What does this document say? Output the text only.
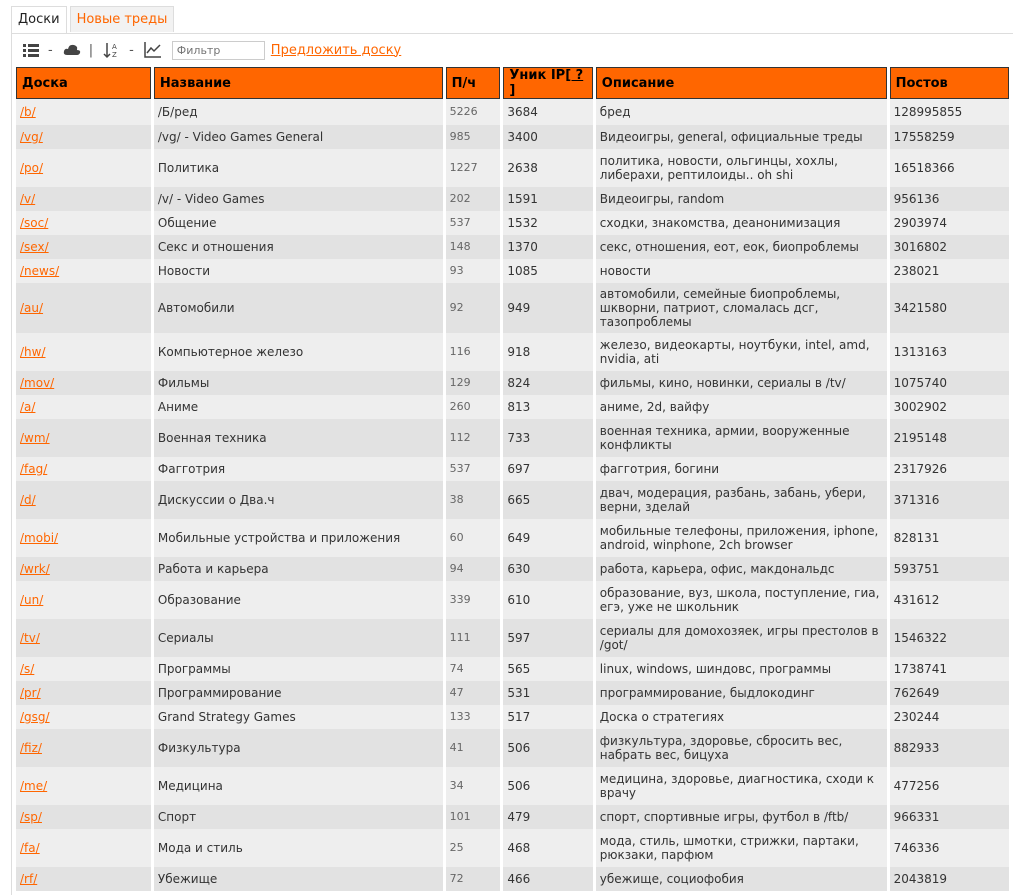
Доски	Новые треды
-	|	A
Z -
Фильтр	Предложить доску
Доска	Название	П/ч	Уник IP[ ? ]	Описание	Постов
/b/	/Б/ред	5226	3684	бред	128995855
/vg/	/vg/ - Video Games General	985	3400	Видеоигры, general, официальные треды	17558259
/po/	Политика	1227	2638	политика, новости, ольгинцы, хохлы, либерахи, рептилоиды.. oh shi	16518366
/v/	/v/ - Video Games	202	1591	Видеоигры, random	956136
/soc/	Общение	537	1532	сходки, знакомства, деанонимизация	2903974
/sex/	Секс и отношения	148	1370	секс, отношения, еот, еок, биопроблемы	3016802
/news/	Новости	93	1085	новости	238021
/au/	Автомобили	92	949	автомобили, семейные биопроблемы, шкворни, патриот, сломалась дсг, тазопроблемы	3421580
/hw/	Компьютерное железо	116	918	железо, видеокарты, ноутбуки, intel, amd, nvidia, ati	1313163
/mov/	Фильмы	129	824	фильмы, кино, новинки, сериалы в /tv/	1075740
/a/	Аниме	260	813	аниме, 2d, вайфу	3002902
/wm/	Военная техника	112	733	военная техника, армии, вооруженные конфликты	2195148
/fag/	Фагготрия	537	697	фагготрия, богини	2317926
/d/	Дискуссии о Два.ч	38	665	двач, модерация, разбань, забань, убери, верни, зделай	371316
/mobi/	Мобильные устройства и приложения	60	649	мобильные телефоны, приложения, iphone, android, winphone, 2ch browser	828131
/wrk/	Работа и карьера	94	630	работа, карьера, офис, макдональдс	593751
/un/	Образование	339	610	образование, вуз, школа, поступление, гиа, егэ, уже не школьник	431612
/tv/	Сериалы	111	597	сериалы для домохозяек, игры престолов в /got/	1546322
/s/	Программы	74	565	linux, windows, шиндовс, программы	1738741
/pr/	Программирование	47	531	программирование, быдлокодинг	762649
/gsg/	Grand Strategy Games	133	517	Доска о стратегиях	230244
/fiz/	Физкультура	41	506	физкультура, здоровье, сбросить вес, набрать вес, бицуха	882933
/me/	Медицина	34	506	медицина, здоровье, диагностика, сходи к врачу	477256
/sp/	Спорт	101	479	спорт, спортивные игры, футбол в /ftb/	966331
/fa/	Мода и стиль	25	468	мода, стиль, шмотки, стрижки, партаки, рюкзаки, парфюм	746336
/rf/	Убежище	72	466	убежище, социофобия	2043819
